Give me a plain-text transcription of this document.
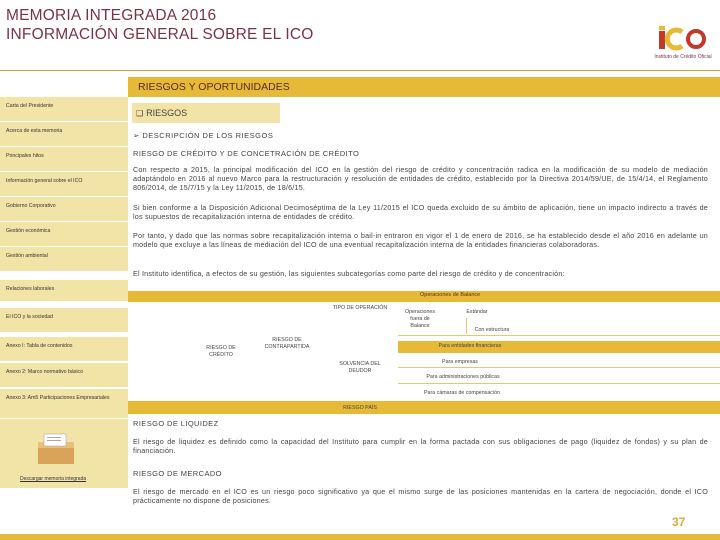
MEMORIA INTEGRADA 2016
INFORMACIÓN GENERAL SOBRE EL ICO
Instituto de Crédito Oficial
RIESGOS Y OPORTUNIDADES
Carta del Presidente
Acerca de esta memoria
Principales hitos
Información general sobre el ICO
Gobierno Corporativo
Gestión económica
Gestión ambiental
Relaciones laborales
El ICO y la sociedad
Anexo I: Tabla de contenidos
Anexo 2: Marco normativo básico
Anexo 3: Am5 Participaciones Empresariales
Descargar memoria integrada
❑ RIESGOS
➢ DESCRIPCIÓN DE LOS RIESGOS
RIESGO DE CRÉDITO Y DE CONCETRACIÓN DE CRÉDITO
Con respecto a 2015, la principal modificación del ICO en la gestión del riesgo de crédito y concentración radica en la modificación de su modelo de mediación adaptándolo en 2016 al nuevo Marco para la restructuración y resolución de entidades de crédito, establecido por la Directiva 2014/59/UE, de 15/4/14, el Reglamento 806/2014, de 15/7/15 y la Ley 11/2015, de 18/6/15.
Si bien conforme a la Disposición Adicional Decimoséptima de la Ley 11/2015 el ICO queda excluido de su ámbito de aplicación, tiene un impacto indirecto a través de los supuestos de recapitalización interna de entidades de crédito.
Por tanto, y dado que las normas sobre recapitalización interna o bail-in entraron en vigor el 1 de enero de 2016, se ha establecido desde el año 2016 en adelante un modelo que excluye a las líneas de mediación del ICO de una eventual recapitalización interna de la entidades financieras colaboradoras.
El Instituto identifica, a efectos de su gestión, las siguientes subcategorías como parte del riesgo de crédito y de concentración:
Operaciones de Balance
TIPO DE OPERACIÓN
Operaciones fuera de Balance
Estándar
Con estructura
RIESGO DE CRÉDITO
RIESGO DE CONTRAPARTIDA	Para entidades financieras
SOLVENCIA DEL DEUDOR
Para empresas
Para administraciones públicas
Para cámaras de compensación
RIESGO PAÍS
RIESGO DE LIQUIDEZ
El riesgo de liquidez es definido como la capacidad del Instituto para cumplir en la forma pactada con sus obligaciones de pago (liquidez de fondos) y su plan de financiación.
RIESGO DE MERCADO
El riesgo de mercado en el ICO es un riesgo poco significativo ya que el mismo surge de las posiciones mantenidas en la cartera de negociación, donde el ICO prácticamente no dispone de posiciones.
37
